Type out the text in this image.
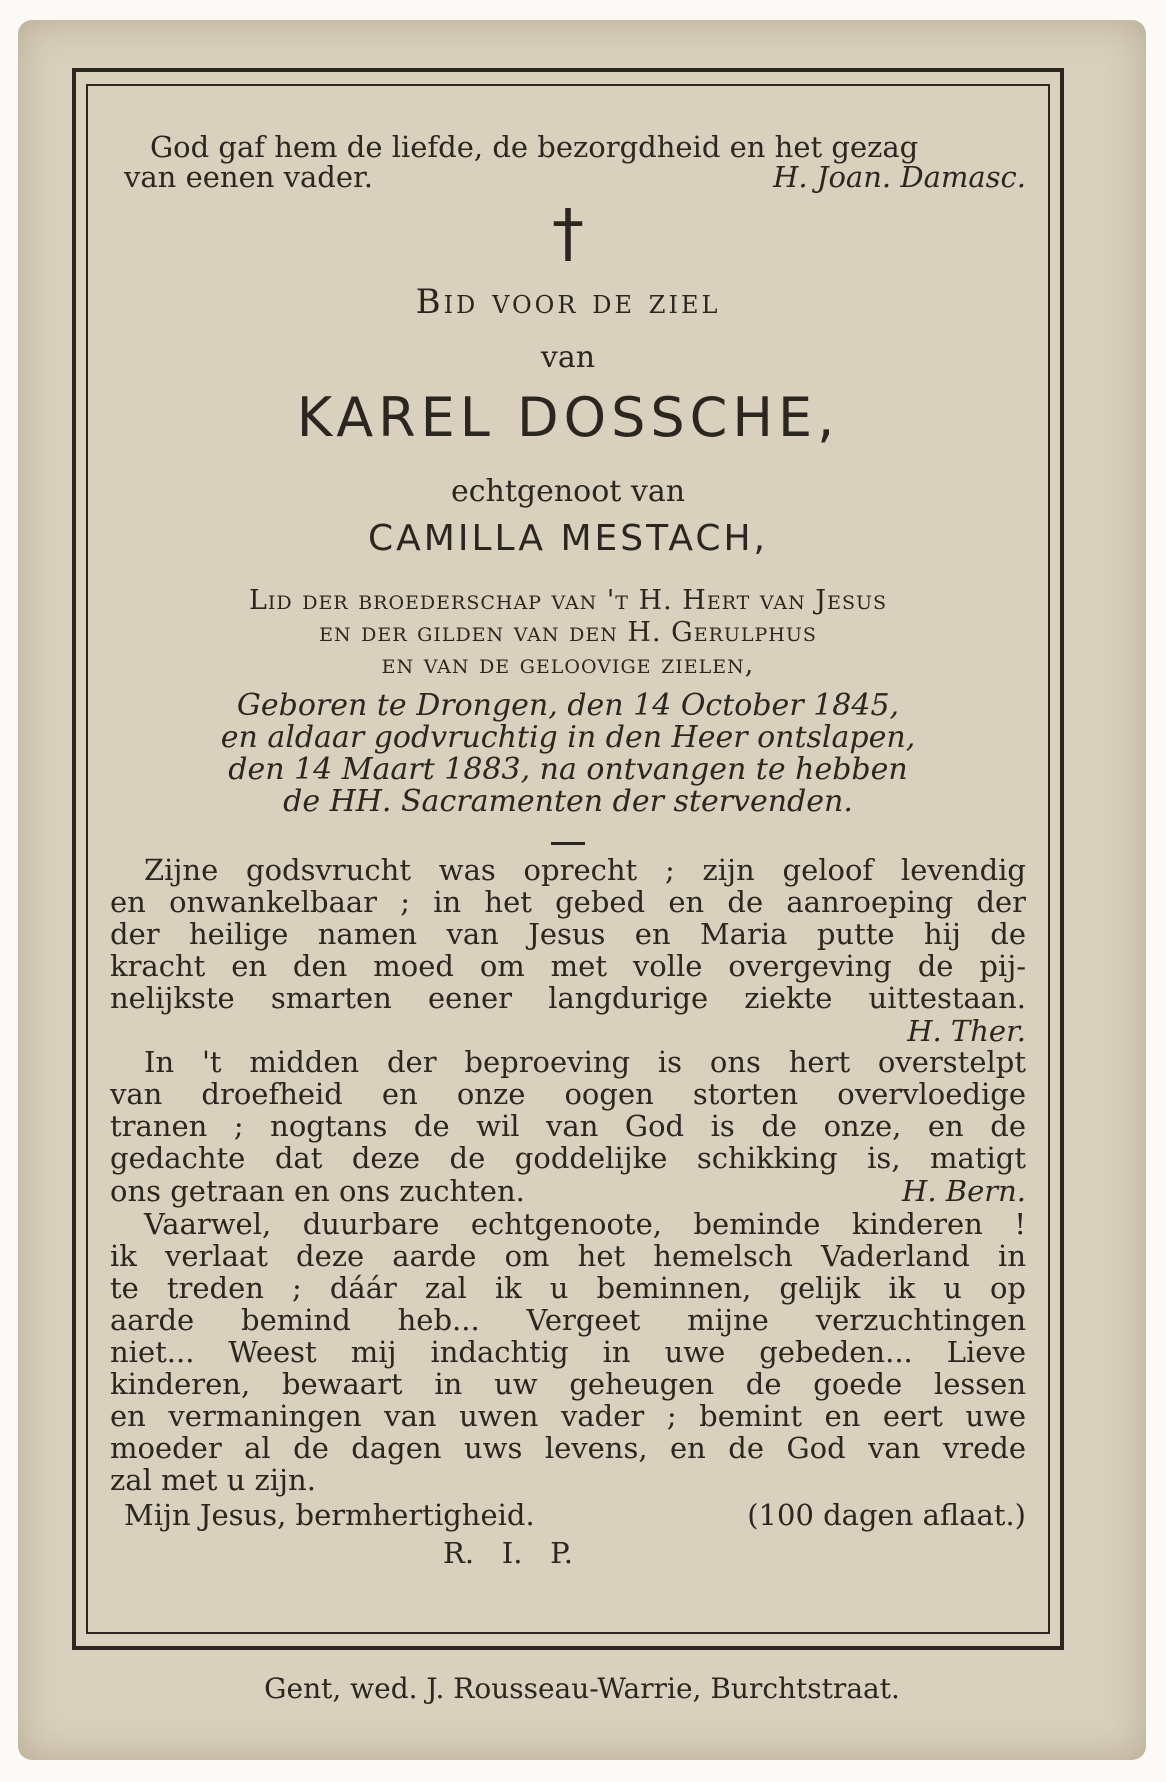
God gaf hem de liefde, de bezorgdheid en het gezag
van eenen vader.	H. Joan. Damasc.
†
Bid voor de ziel
van
KAREL DOSSCHE,
echtgenoot van
CAMILLA MESTACH,
Lid der broederschap van 't H. Hert van Jesus
en der gilden van den H. Gerulphus
en van de geloovige zielen,
Geboren te Drongen, den 14 October 1845,
en aldaar godvruchtig in den Heer ontslapen,
den 14 Maart 1883, na ontvangen te hebben
de HH. Sacramenten der stervenden.
Zijne godsvrucht was oprecht ; zijn geloof levendig
en onwankelbaar ; in het gebed en de aanroeping der
der heilige namen van Jesus en Maria putte hij de
kracht en den moed om met volle overgeving de pij-
nelijkste smarten eener langdurige ziekte uittestaan.
H. Ther.
In 't midden der beproeving is ons hert overstelpt
van droefheid en onze oogen storten overvloedige
tranen ; nogtans de wil van God is de onze, en de
gedachte dat deze de goddelijke schikking is, matigt
ons getraan en ons zuchten.	H. Bern.
Vaarwel, duurbare echtgenoote, beminde kinderen !
ik verlaat deze aarde om het hemelsch Vaderland in
te treden ; dáár zal ik u beminnen, gelijk ik u op
aarde bemind heb... Vergeet mijne verzuchtingen
niet... Weest mij indachtig in uwe gebeden... Lieve
kinderen, bewaart in uw geheugen de goede lessen
en vermaningen van uwen vader ; bemint en eert uwe
moeder al de dagen uws levens, en de God van vrede
zal met u zijn.
Mijn Jesus, bermhertigheid.	(100 dagen aflaat.)
R.   I.   P.
Gent, wed. J. Rousseau-Warrie, Burchtstraat.
